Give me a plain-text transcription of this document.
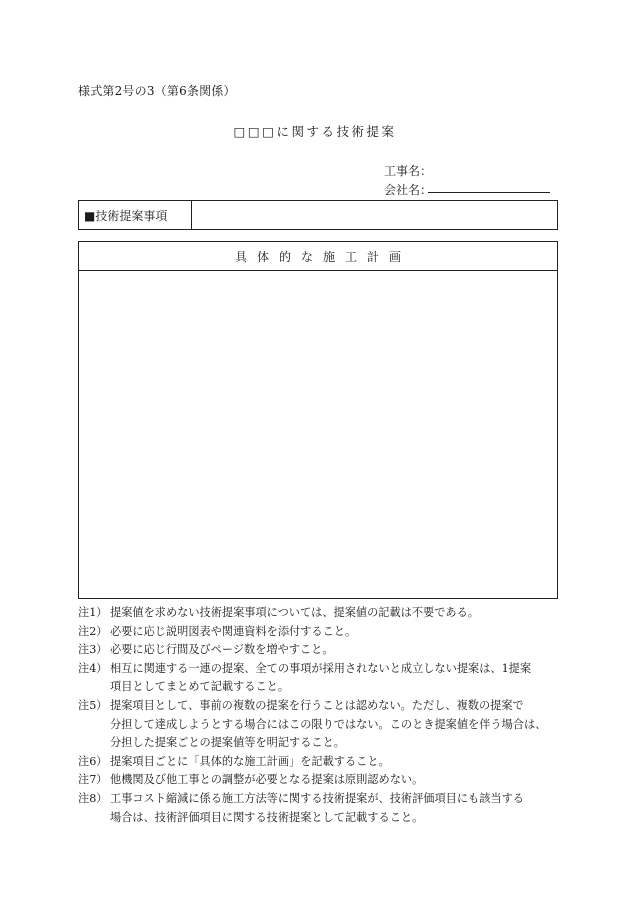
様式第2号の3（第6条関係）
□□□に関する技術提案
工事名：
会社名：
■技術提案事項
具体的な施工計画
注1） 提案値を求めない技術提案事項については、提案値の記載は不要である。
注2） 必要に応じ説明図表や関連資料を添付すること。
注3） 必要に応じ行間及びページ数を増やすこと。
注4） 相互に関連する一連の提案、全ての事項が採用されないと成立しない提案は、1提案
項目としてまとめて記載すること。
注5） 提案項目として、事前の複数の提案を行うことは認めない。ただし、複数の提案で
分担して達成しようとする場合にはこの限りではない。このとき提案値を伴う場合は、
分担した提案ごとの提案値等を明記すること。
注6） 提案項目ごとに「具体的な施工計画」を記載すること。
注7） 他機関及び他工事との調整が必要となる提案は原則認めない。
注8） 工事コスト縮減に係る施工方法等に関する技術提案が、技術評価項目にも該当する
場合は、技術評価項目に関する技術提案として記載すること。
